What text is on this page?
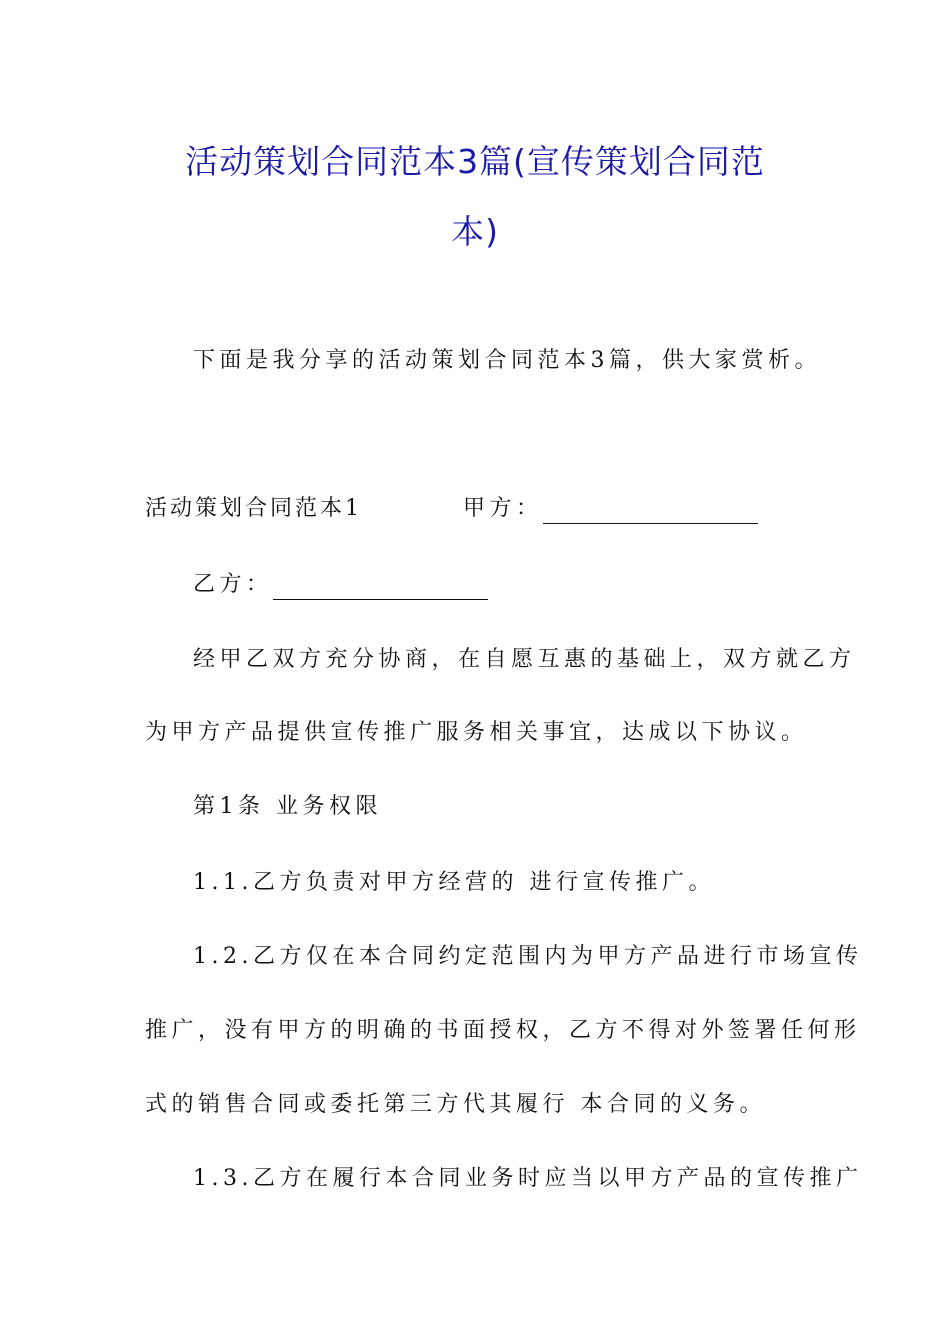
活动策划合同范本3篇(宣传策划合同范
本)
下面是我分享的活动策划合同范本3篇，供大家赏析。
活动策划合同范本1	甲方：
乙方：
经甲乙双方充分协商，在自愿互惠的基础上，双方就乙方
为甲方产品提供宣传推广服务相关事宜，达成以下协议。
第1条 业务权限
1.1.乙方负责对甲方经营的 进行宣传推广。
1.2.乙方仅在本合同约定范围内为甲方产品进行市场宣传
推广，没有甲方的明确的书面授权，乙方不得对外签署任何形
式的销售合同或委托第三方代其履行 本合同的义务。
1.3.乙方在履行本合同业务时应当以甲方产品的宣传推广
